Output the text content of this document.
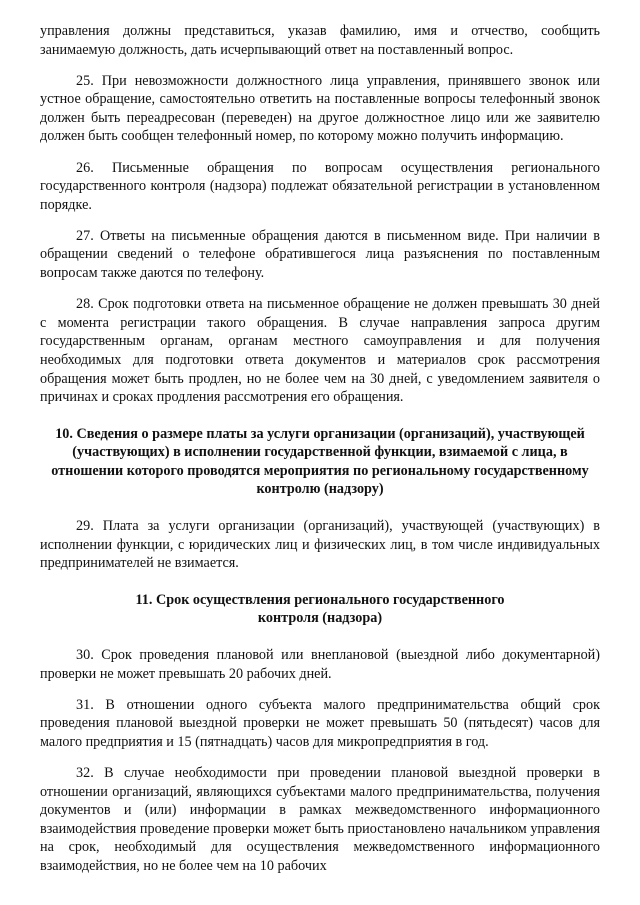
управления должны представиться, указав фамилию, имя и отчество, сообщить занимаемую должность, дать исчерпывающий ответ на поставленный вопрос.

25. При невозможности должностного лица управления, принявшего звонок или устное обращение, самостоятельно ответить на поставленные вопросы телефонный звонок должен быть переадресован (переведен) на другое должностное лицо или же заявителю должен быть сообщен телефонный номер, по которому можно получить информацию.

26. Письменные обращения по вопросам осуществления регионального государственного контроля (надзора) подлежат обязательной регистрации в установленном порядке.

27. Ответы на письменные обращения даются в письменном виде. При наличии в обращении сведений о телефоне обратившегося лица разъяснения по поставленным вопросам также даются по телефону.

28. Срок подготовки ответа на письменное обращение не должен превышать 30 дней с момента регистрации такого обращения. В случае направления запроса другим государственным органам, органам местного самоуправления и для получения необходимых для подготовки ответа документов и материалов срок рассмотрения обращения может быть продлен, но не более чем на 30 дней, с уведомлением заявителя о причинах и сроках продления рассмотрения его обращения.

10. Сведения о размере платы за услуги организации (организаций), участвующей (участвующих) в исполнении государственной функции, взимаемой с лица, в отношении которого проводятся мероприятия по региональному государственному контролю (надзору)

29. Плата за услуги организации (организаций), участвующей (участвующих) в исполнении функции, с юридических лиц и физических лиц, в том числе индивидуальных предпринимателей не взимается.

11. Срок осуществления регионального государственного
контроля (надзора)

30. Срок проведения плановой или внеплановой (выездной либо документарной) проверки не может превышать 20 рабочих дней.

31. В отношении одного субъекта малого предпринимательства общий срок проведения плановой выездной проверки не может превышать 50 (пятьдесят) часов для малого предприятия и 15 (пятнадцать) часов для микропредприятия в год.

32. В случае необходимости при проведении плановой выездной проверки в отношении организаций, являющихся субъектами малого предпринимательства, получения документов и (или) информации в рамках межведомственного информационного взаимодействия проведение проверки может быть приостановлено начальником управления на срок, необходимый для осуществления межведомственного информационного взаимодействия, но не более чем на 10 рабочих
